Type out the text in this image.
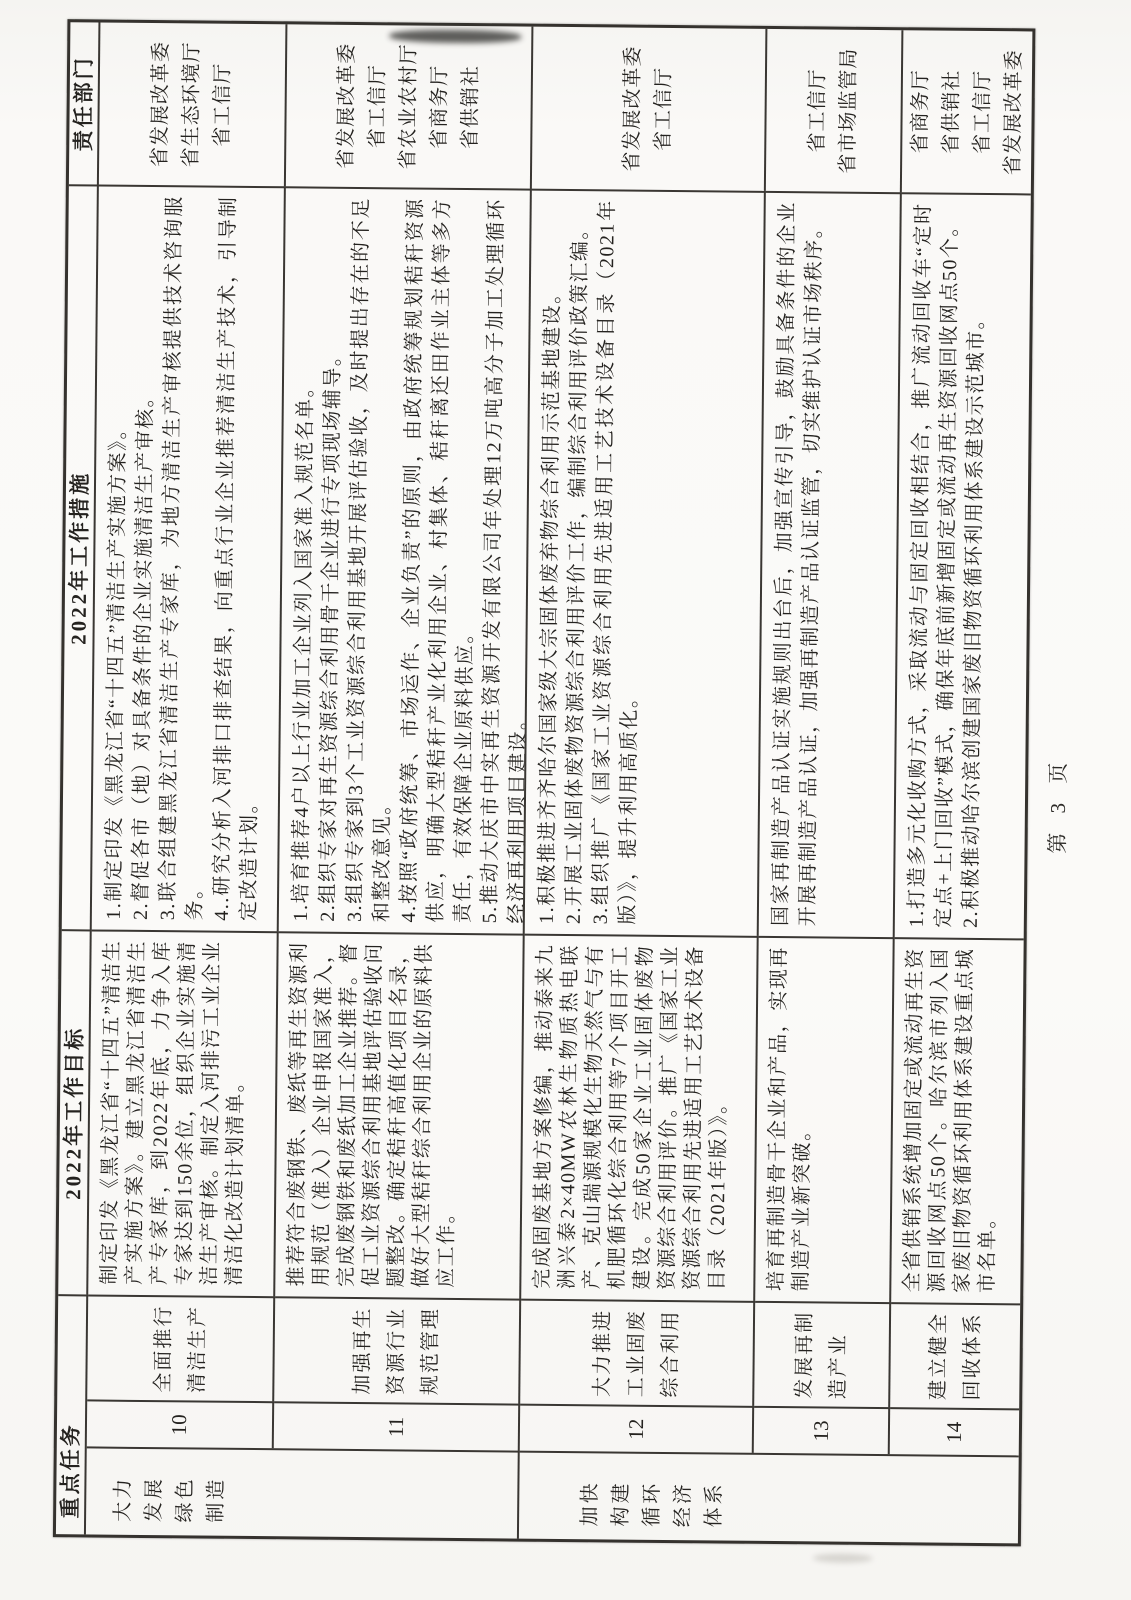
重点任务
2022年工作目标
2022年工作措施
责任部门
大力发展绿色制造	加快构建循环经济体系
10
全面推行清洁生产
制定印发《黑龙江省“十四五”清洁生产实施方案》。建立黑龙江省清洁生产专家库，到2022年底，力争入库专家达到150余位，组织企业实施清洁生产审核。制定入河排污工业企业清洁化改造计划清单。
1.制定印发《黑龙江省“十四五”清洁生产实施方案》。 2.督促各市（地）对具备条件的企业实施清洁生产审核。 3.联合组建黑龙江省清洁生产专家库，为地方清洁生产审核提供技术咨询服务。 4..研究分析入河排口排查结果，向重点行业企业推荐清洁生产技术，引导制定改造计划。
省发展改革委 省生态环境厅 省工信厅
11
加强再生资源行业规范管理
推荐符合废钢铁、废纸等再生资源利用规范（准入）企业申报国家准入，完成废钢铁和废纸加工企业推荐。督促工业资源综合利用基地评估验收问题整改。确定秸秆高值化项目名录，做好大型秸秆综合利用企业的原料供应工作。
1.培育推荐4户以上行业加工企业列入国家准入规范名单。 2.组织专家对再生资源综合利用骨干企业进行专项现场辅导。 3.组织专家到3个工业资源综合利用基地开展评估验收，及时提出存在的不足和整改意见。 4.按照“政府统筹、市场运作、企业负责”的原则，由政府统筹规划秸秆资源供应，明确大型秸秆产业化利用企业、村集体、秸秆离还田作业主体等多方责任，有效保障企业原料供应。 5.推动大庆市中实再生资源开发有限公司年处理12万吨高分子加工处理循环经济再利用项目建设。
省发展改革委 省工信厅 省农业农村厅 省商务厅 省供销社
12
大力推进工业固废综合利用
完成固废基地方案修编，推动泰来九洲兴泰2×40MW农林生物质热电联产、克山瑞源规模化生物天然气与有机肥循环化综合利用等7个项目开工建设。完成50家企业工业固体废物资源综合利用评价。推广《国家工业资源综合利用先进适用工艺技术设备目录（2021年版）》。
1.积极推进齐齐哈尔国家级大宗固体废弃物综合利用示范基地建设。
2.开展工业固体废物资源综合利用评价工作，编制综合利用评价政策汇编。
3.组织推广《国家工业资源综合利用先进适用工艺技术设备目录（2021年版）》，提升利用高质化。
省发展改革委 省工信厅
13
发展再制造产业
培育再制造骨干企业和产品，实现再制造产业新突破。
国家再制造产品认证实施规则出台后，加强宣传引导，鼓励具备条件的企业开展再制造产品认证，加强再制造产品认证监管，切实维护认证市场秩序。
省工信厅 省市场监管局
14
建立健全回收体系
全省供销系统增加固定或流动再生资源回收网点50个。哈尔滨市列入国家废旧物资循环利用体系建设重点城市名单。
1.打造多元化收购方式，采取流动与固定回收相结合，推广流动回收车“定时定点+上门回收”模式，确保年底前新增固定或流动再生资源回收网点50个。
2.积极推动哈尔滨创建国家废旧物资循环利用体系建设示范城市。
省商务厅 省供销社 省工信厅 省发展改革委
第 3 页
